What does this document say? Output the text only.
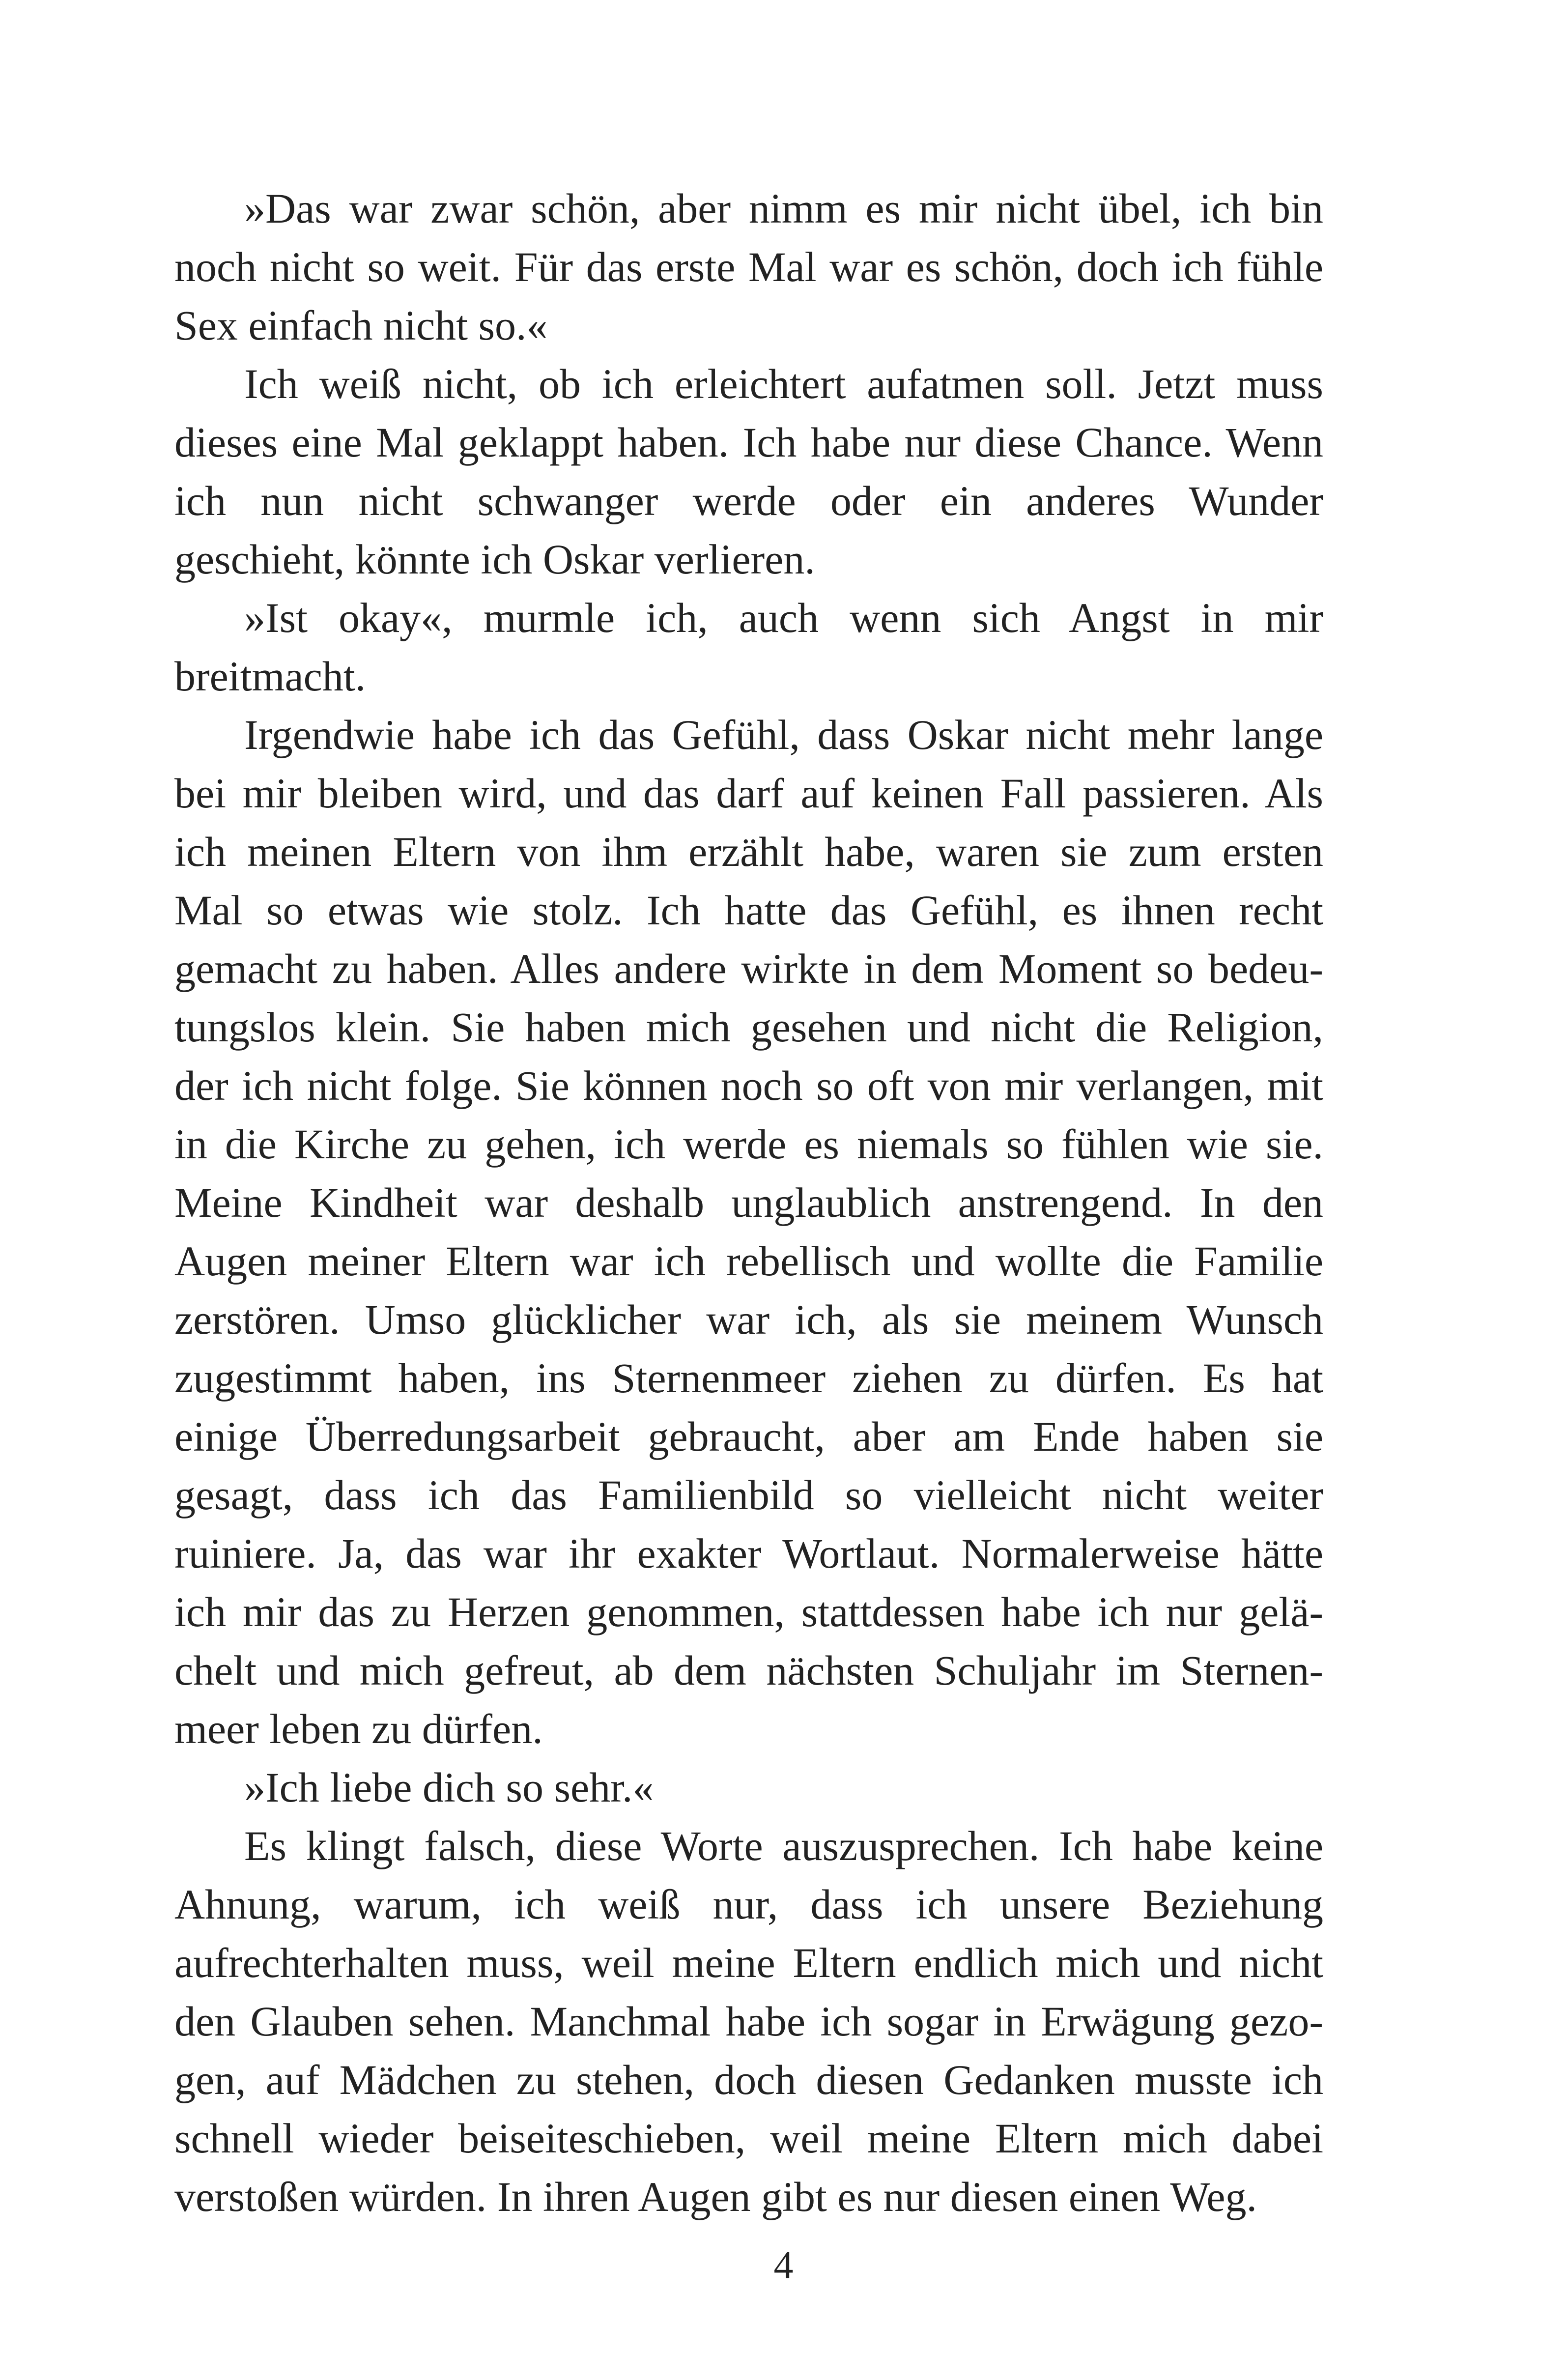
»Das war zwar schön, aber nimm es mir nicht übel, ich bin
noch nicht so weit. Für das erste Mal war es schön, doch ich fühle
Sex einfach nicht so.«
Ich weiß nicht, ob ich erleichtert aufatmen soll. Jetzt muss
dieses eine Mal geklappt haben. Ich habe nur diese Chance. Wenn
ich nun nicht schwanger werde oder ein anderes Wunder
geschieht, könnte ich Oskar verlieren.
»Ist okay«, murmle ich, auch wenn sich Angst in mir
breitmacht.
Irgendwie habe ich das Gefühl, dass Oskar nicht mehr lange
bei mir bleiben wird, und das darf auf keinen Fall passieren. Als
ich meinen Eltern von ihm erzählt habe, waren sie zum ersten
Mal so etwas wie stolz. Ich hatte das Gefühl, es ihnen recht
gemacht zu haben. Alles andere wirkte in dem Moment so bedeu-
tungslos klein. Sie haben mich gesehen und nicht die Religion,
der ich nicht folge. Sie können noch so oft von mir verlangen, mit
in die Kirche zu gehen, ich werde es niemals so fühlen wie sie.
Meine Kindheit war deshalb unglaublich anstrengend. In den
Augen meiner Eltern war ich rebellisch und wollte die Familie
zerstören. Umso glücklicher war ich, als sie meinem Wunsch
zugestimmt haben, ins Sternenmeer ziehen zu dürfen. Es hat
einige Überredungsarbeit gebraucht, aber am Ende haben sie
gesagt, dass ich das Familienbild so vielleicht nicht weiter
ruiniere. Ja, das war ihr exakter Wortlaut. Normalerweise hätte
ich mir das zu Herzen genommen, stattdessen habe ich nur gelä-
chelt und mich gefreut, ab dem nächsten Schuljahr im Sternen-
meer leben zu dürfen.
»Ich liebe dich so sehr.«
Es klingt falsch, diese Worte auszusprechen. Ich habe keine
Ahnung, warum, ich weiß nur, dass ich unsere Beziehung
aufrechterhalten muss, weil meine Eltern endlich mich und nicht
den Glauben sehen. Manchmal habe ich sogar in Erwägung gezo-
gen, auf Mädchen zu stehen, doch diesen Gedanken musste ich
schnell wieder beiseiteschieben, weil meine Eltern mich dabei
verstoßen würden. In ihren Augen gibt es nur diesen einen Weg.
4
